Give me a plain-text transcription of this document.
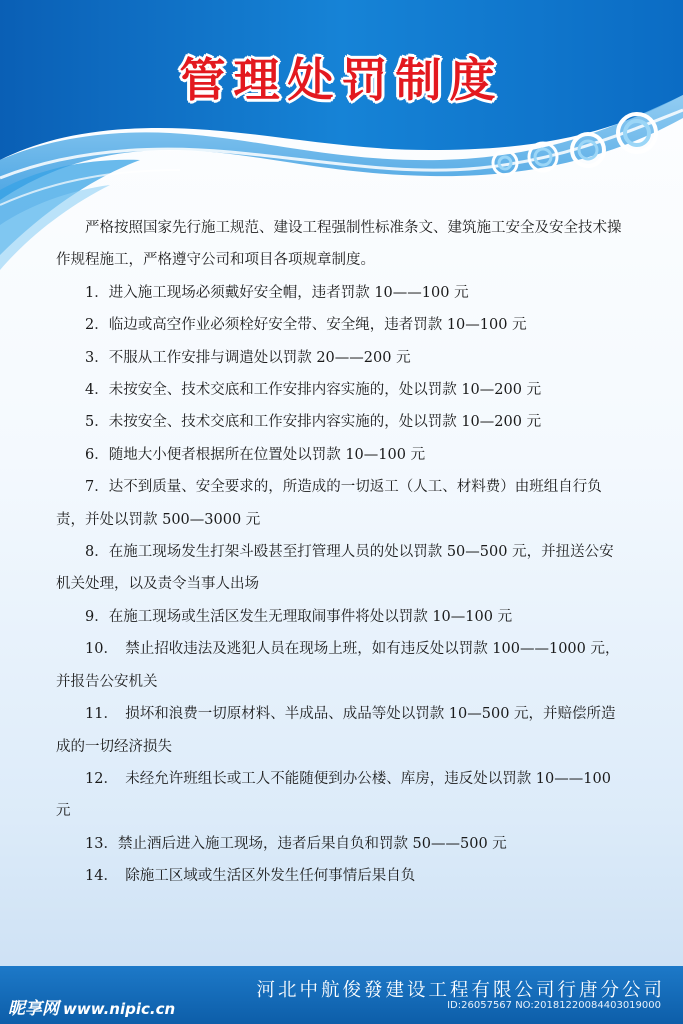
管理处罚制度

严格按照国家先行施工规范、建设工程强制性标准条文、建筑施工安全及安全技术操作规程施工，严格遵守公司和项目各项规章制度。

1．进入施工现场必须戴好安全帽，违者罚款 10——100 元

2．临边或高空作业必须栓好安全带、安全绳，违者罚款 10—100 元

3．不服从工作安排与调遣处以罚款 20——200 元

4．未按安全、技术交底和工作安排内容实施的，处以罚款 10—200 元

5．未按安全、技术交底和工作安排内容实施的，处以罚款 10—200 元

6．随地大小便者根据所在位置处以罚款 10—100 元

7．达不到质量、安全要求的，所造成的一切返工（人工、材料费）由班组自行负责，并处以罚款 500—3000 元

8．在施工现场发生打架斗殴甚至打管理人员的处以罚款 50—500 元，并扭送公安机关处理，以及责令当事人出场

9．在施工现场或生活区发生无理取闹事件将处以罚款 10—100 元

10．　禁止招收违法及逃犯人员在现场上班，如有违反处以罚款 100——1000 元，并报告公安机关

11．　损坏和浪费一切原材料、半成品、成品等处以罚款 10—500 元，并赔偿所造成的一切经济损失

12．　未经允许班组长或工人不能随便到办公楼、库房，违反处以罚款 10——100 元

13．禁止酒后进入施工现场，违者后果自负和罚款 50——500 元

14．　除施工区域或生活区外发生任何事情后果自负

河北中航俊發建设工程有限公司行唐分公司
昵享网 www.nipic.cn	ID:26057567 NO:20181220084403019000
